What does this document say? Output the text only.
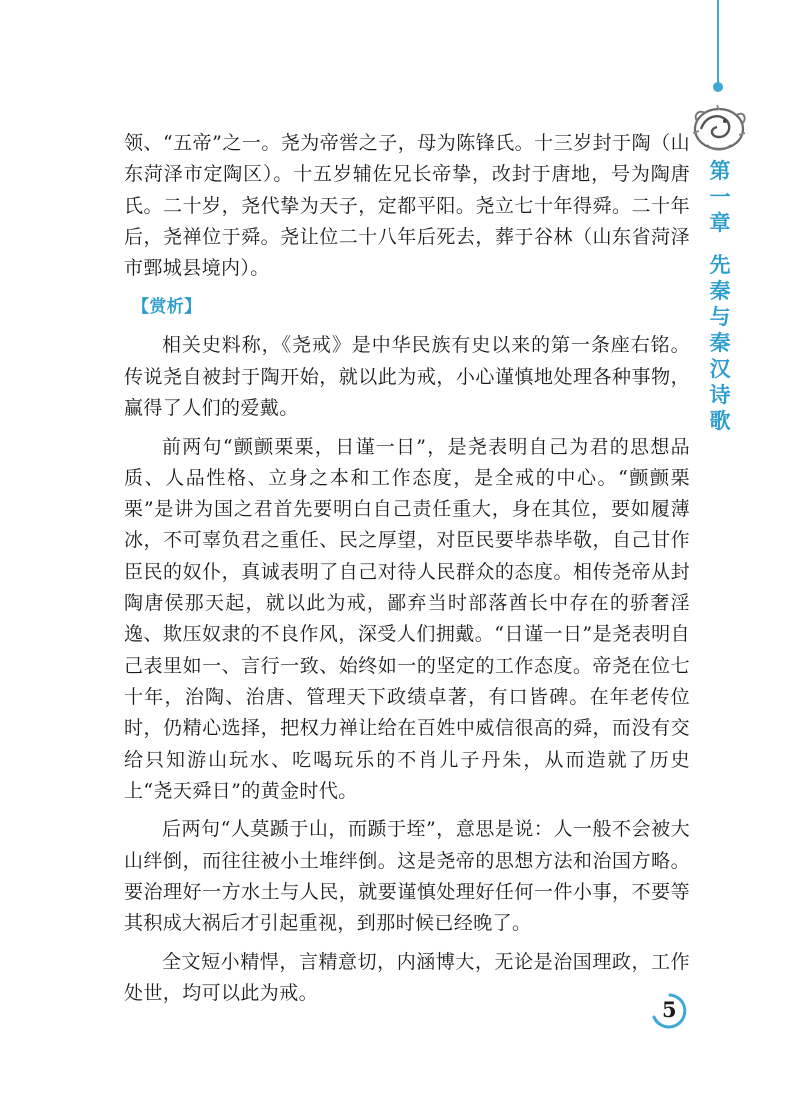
第
一
章
先
秦
与
秦
汉
诗
歌

领、“五帝”之一。尧为帝喾之子，母为陈锋氏。十三岁封于陶（山东菏泽市定陶区）。十五岁辅佐兄长帝挚，改封于唐地，号为陶唐氏。二十岁，尧代挚为天子，定都平阳。尧立七十年得舜。二十年后，尧禅位于舜。尧让位二十八年后死去，葬于谷林（山东省菏泽市鄄城县境内）。

【赏析】

相关史料称，《尧戒》是中华民族有史以来的第一条座右铭。传说尧自被封于陶开始，就以此为戒，小心谨慎地处理各种事物，赢得了人们的爱戴。

前两句“颤颤栗栗，日谨一日”，是尧表明自己为君的思想品质、人品性格、立身之本和工作态度，是全戒的中心。“颤颤栗栗”是讲为国之君首先要明白自己责任重大，身在其位，要如履薄冰，不可辜负君之重任、民之厚望，对臣民要毕恭毕敬，自己甘作臣民的奴仆，真诚表明了自己对待人民群众的态度。相传尧帝从封陶唐侯那天起，就以此为戒，鄙弃当时部落酋长中存在的骄奢淫逸、欺压奴隶的不良作风，深受人们拥戴。“日谨一日”是尧表明自己表里如一、言行一致、始终如一的坚定的工作态度。帝尧在位七十年，治陶、治唐、管理天下政绩卓著，有口皆碑。在年老传位时，仍精心选择，把权力禅让给在百姓中威信很高的舜，而没有交给只知游山玩水、吃喝玩乐的不肖儿子丹朱，从而造就了历史上“尧天舜日”的黄金时代。

后两句“人莫踬于山，而踬于垤”，意思是说：人一般不会被大山绊倒，而往往被小土堆绊倒。这是尧帝的思想方法和治国方略。要治理好一方水土与人民，就要谨慎处理好任何一件小事，不要等其积成大祸后才引起重视，到那时候已经晚了。

全文短小精悍，言精意切，内涵博大，无论是治国理政，工作处世，均可以此为戒。

5
